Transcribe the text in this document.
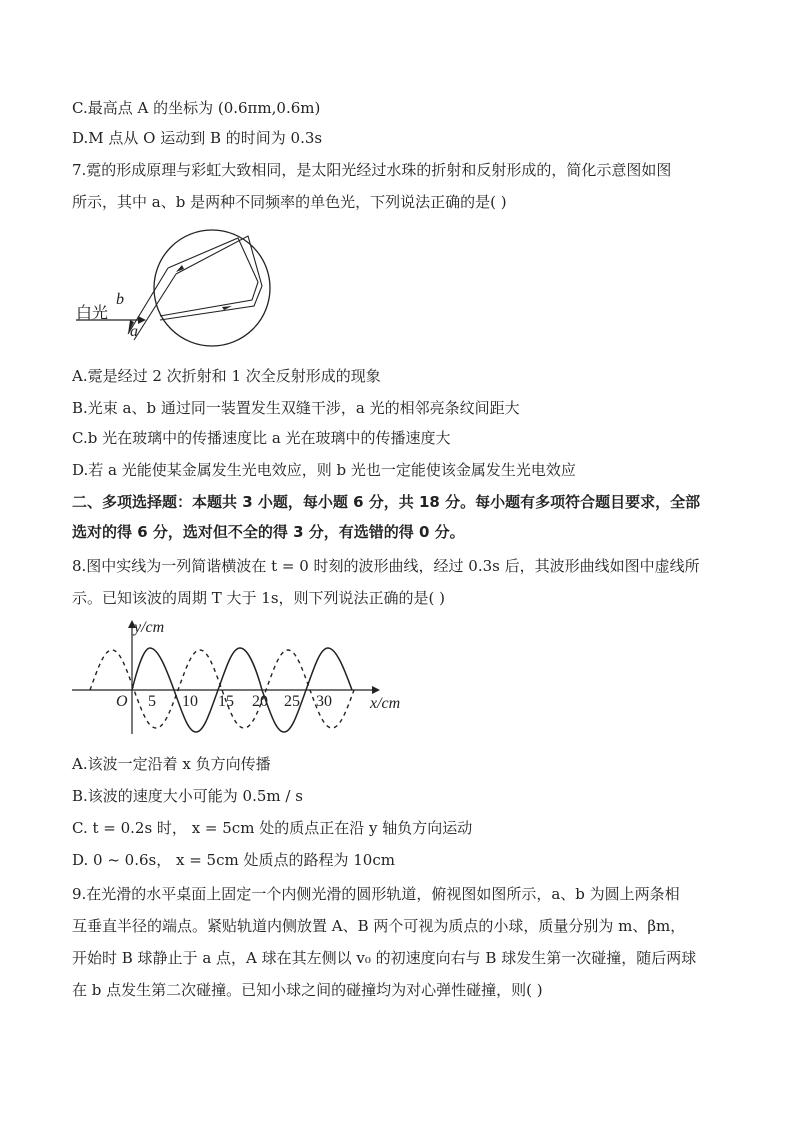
C.最高点 A 的坐标为 (0.6πm,0.6m)
D.M 点从 O 运动到 B 的时间为 0.3s
7.霓的形成原理与彩虹大致相同，是太阳光经过水珠的折射和反射形成的，简化示意图如图
所示，其中 a、b 是两种不同频率的单色光，下列说法正确的是( )
白光
b
a
A.霓是经过 2 次折射和 1 次全反射形成的现象
B.光束 a、b 通过同一装置发生双缝干涉，a 光的相邻亮条纹间距大
C.b 光在玻璃中的传播速度比 a 光在玻璃中的传播速度大
D.若 a 光能使某金属发生光电效应，则 b 光也一定能使该金属发生光电效应
二、多项选择题：本题共 3 小题，每小题 6 分，共 18 分。每小题有多项符合题目要求，全部
选对的得 6 分，选对但不全的得 3 分，有选错的得 0 分。
8.图中实线为一列简谐横波在 t = 0 时刻的波形曲线，经过 0.3s 后，其波形曲线如图中虚线所
示。已知该波的周期 T 大于 1s，则下列说法正确的是( )
y/cm
x/cm
O 5 10 15 20 25 30
A.该波一定沿着 x 负方向传播
B.该波的速度大小可能为 0.5m / s
C. t = 0.2s 时， x = 5cm 处的质点正在沿 y 轴负方向运动
D. 0 ~ 0.6s， x = 5cm 处质点的路程为 10cm
9.在光滑的水平桌面上固定一个内侧光滑的圆形轨道，俯视图如图所示，a、b 为圆上两条相
互垂直半径的端点。紧贴轨道内侧放置 A、B 两个可视为质点的小球，质量分别为 m、βm，
开始时 B 球静止于 a 点，A 球在其左侧以 v₀ 的初速度向右与 B 球发生第一次碰撞，随后两球
在 b 点发生第二次碰撞。已知小球之间的碰撞均为对心弹性碰撞，则( )
